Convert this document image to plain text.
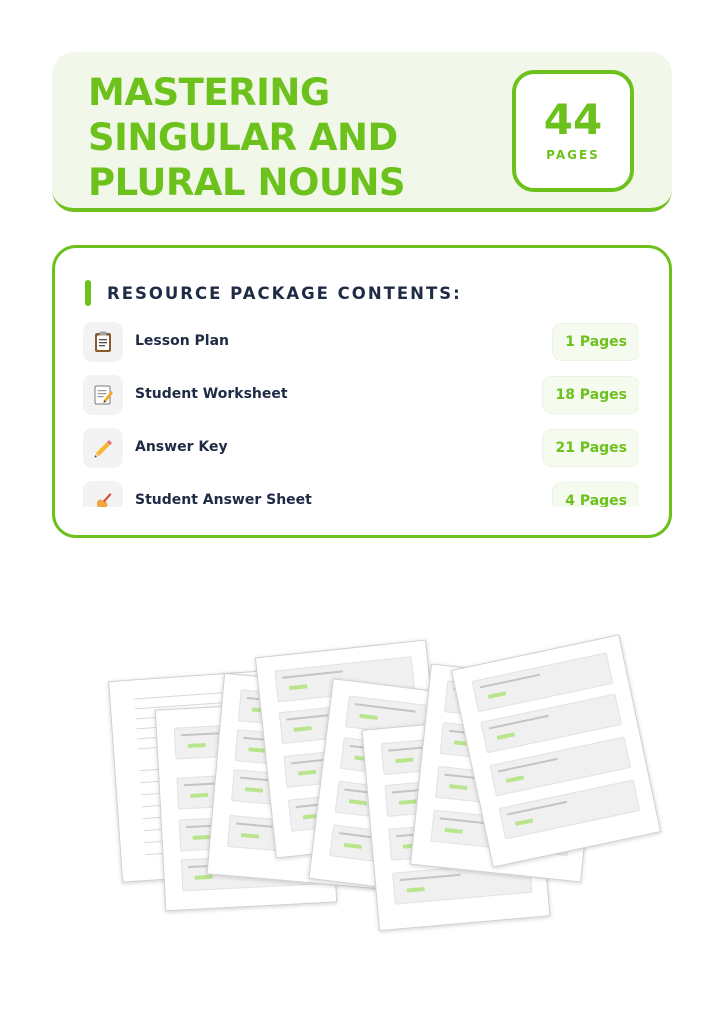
MASTERING
SINGULAR AND
PLURAL NOUNS
44
PAGES
RESOURCE PACKAGE CONTENTS:
Lesson Plan	1 Pages
Student Worksheet	18 Pages
Answer Key	21 Pages
Student Answer Sheet	4 Pages
